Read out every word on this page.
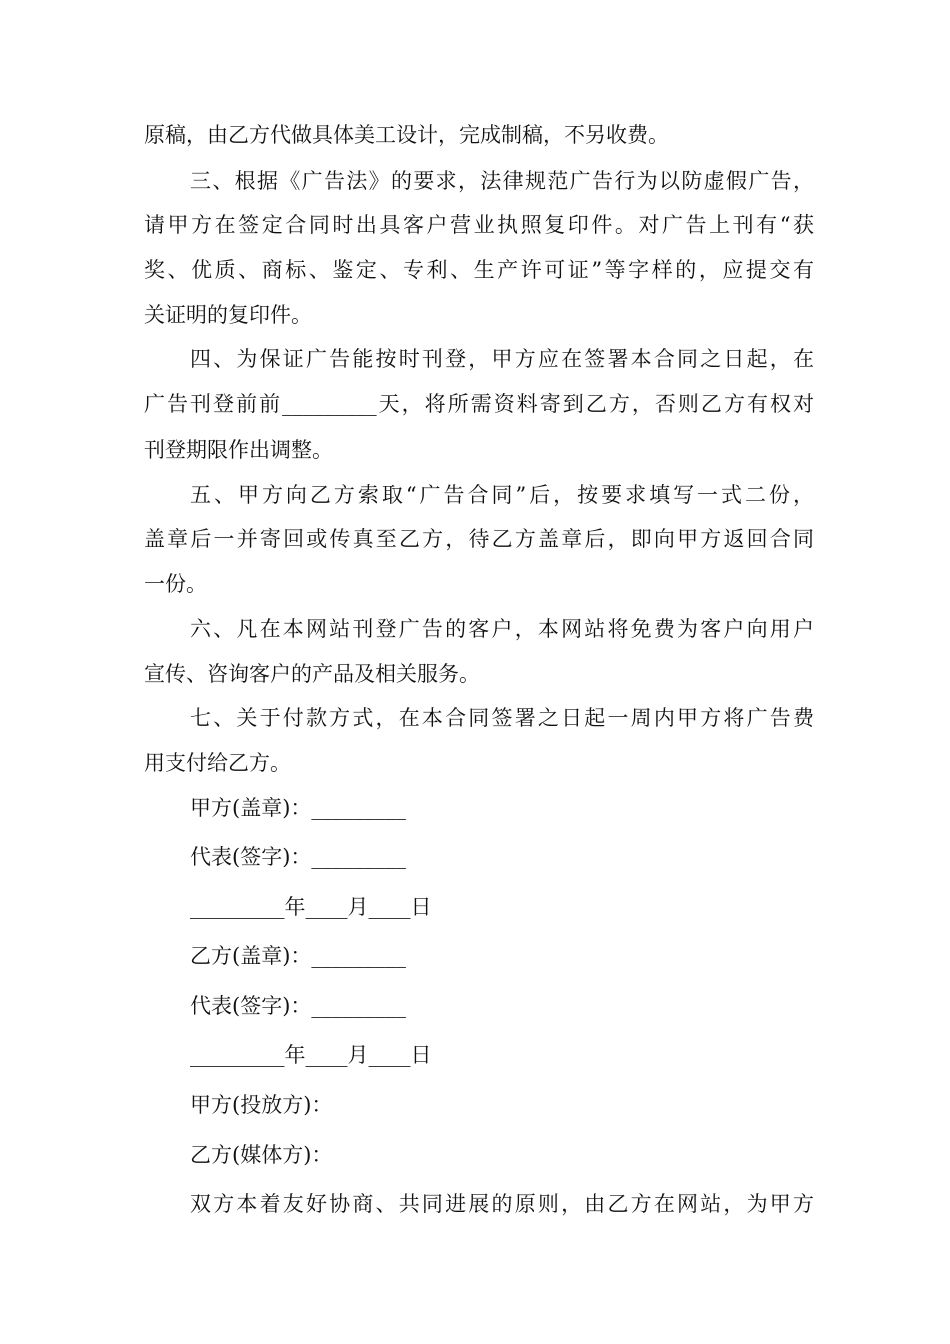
原稿，由乙方代做具体美工设计，完成制稿，不另收费。
三、根据《广告法》的要求，法律规范广告行为以防虚假广告，
请甲方在签定合同时出具客户营业执照复印件。对广告上刊有“获
奖、优质、商标、鉴定、专利、生产许可证”等字样的，应提交有
关证明的复印件。
四、为保证广告能按时刊登，甲方应在签署本合同之日起，在
广告刊登前前_________天，将所需资料寄到乙方，否则乙方有权对
刊登期限作出调整。
五、甲方向乙方索取“广告合同”后，按要求填写一式二份，
盖章后一并寄回或传真至乙方，待乙方盖章后，即向甲方返回合同
一份。
六、凡在本网站刊登广告的客户，本网站将免费为客户向用户
宣传、咨询客户的产品及相关服务。
七、关于付款方式，在本合同签署之日起一周内甲方将广告费
用支付给乙方。
甲方(盖章)：_________
代表(签字)：_________
_________年____月____日
乙方(盖章)：_________
代表(签字)：_________
_________年____月____日
甲方(投放方)：
乙方(媒体方)：
双方本着友好协商、共同进展的原则，由乙方在网站，为甲方
